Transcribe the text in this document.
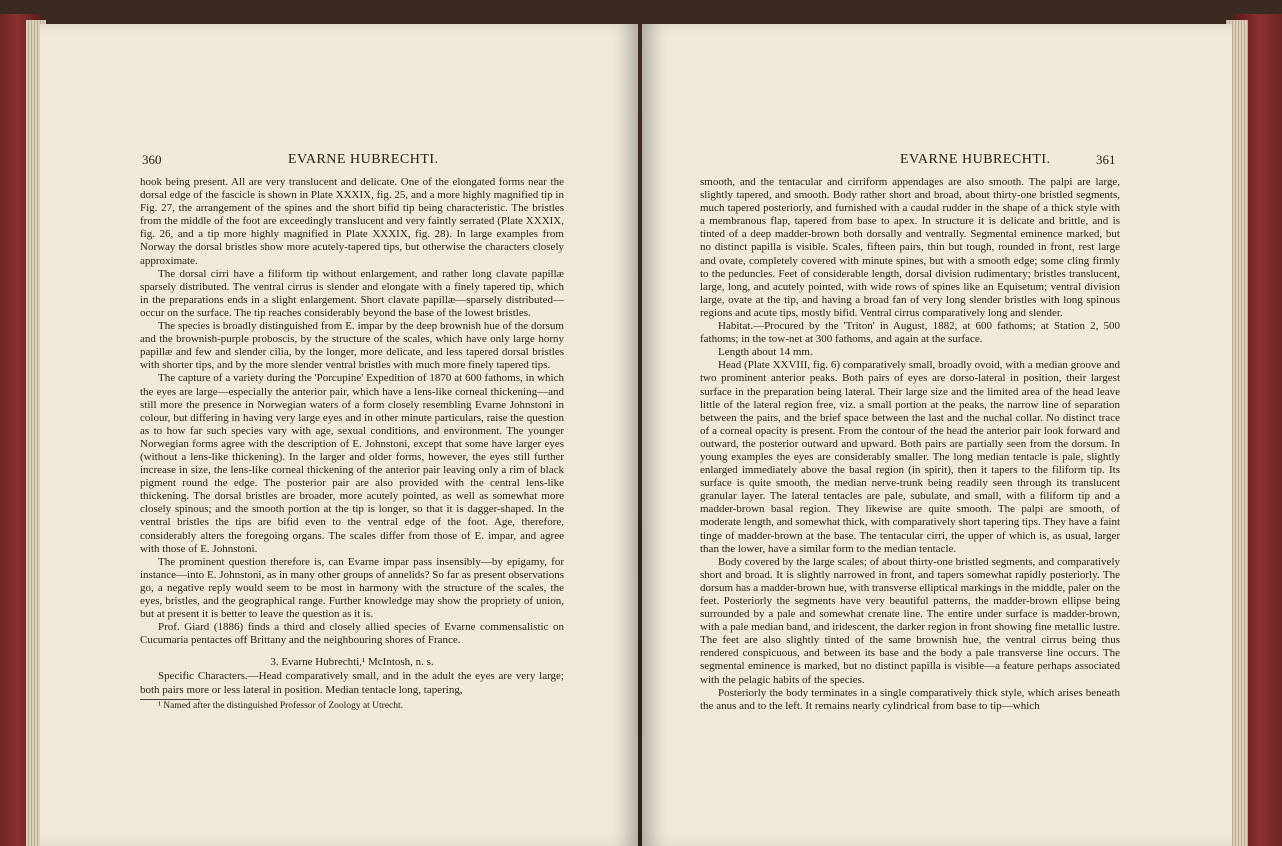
360	EVARNE HUBRECHTI.

hook being present. All are very translucent and delicate. One of the elongated forms near the dorsal edge of the fascicle is shown in Plate XXXIX, fig. 25, and a more highly magnified tip in Fig. 27, the arrangement of the spines and the short bifid tip being characteristic. The bristles from the middle of the foot are exceedingly translucent and very faintly serrated (Plate XXXIX, fig. 26, and a tip more highly magnified in Plate XXXIX, fig. 28). In large examples from Norway the dorsal bristles show more acutely-tapered tips, but otherwise the characters closely approximate.

The dorsal cirri have a filiform tip without enlargement, and rather long clavate papillæ sparsely distributed. The ventral cirrus is slender and elongate with a finely tapered tip, which in the preparations ends in a slight enlargement. Short clavate papillæ—sparsely distributed—occur on the surface. The tip reaches considerably beyond the base of the lowest bristles.

The species is broadly distinguished from E. impar by the deep brownish hue of the dorsum and the brownish-purple proboscis, by the structure of the scales, which have only large horny papillæ and few and slender cilia, by the longer, more delicate, and less tapered dorsal bristles with shorter tips, and by the more slender ventral bristles with much more finely tapered tips.

The capture of a variety during the 'Porcupine' Expedition of 1870 at 600 fathoms, in which the eyes are large—especially the anterior pair, which have a lens-like corneal thickening—and still more the presence in Norwegian waters of a form closely resembling Evarne Johnstoni in colour, but differing in having very large eyes and in other minute particulars, raise the question as to how far such species vary with age, sexual conditions, and environment. The younger Norwegian forms agree with the description of E. Johnstoni, except that some have larger eyes (without a lens-like thickening). In the larger and older forms, however, the eyes still further increase in size, the lens-like corneal thickening of the anterior pair leaving only a rim of black pigment round the edge. The posterior pair are also provided with the central lens-like thickening. The dorsal bristles are broader, more acutely pointed, as well as somewhat more closely spinous; and the smooth portion at the tip is longer, so that it is dagger-shaped. In the ventral bristles the tips are bifid even to the ventral edge of the foot. Age, therefore, considerably alters the foregoing organs. The scales differ from those of E. impar, and agree with those of E. Johnstoni.

The prominent question therefore is, can Evarne impar pass insensibly—by epigamy, for instance—into E. Johnstoni, as in many other groups of annelids? So far as present observations go, a negative reply would seem to be most in harmony with the structure of the scales, the eyes, bristles, and the geographical range. Further knowledge may show the propriety of union, but at present it is better to leave the question as it is.

Prof. Giard (1886) finds a third and closely allied species of Evarne commensalistic on Cucumaria pentactes off Brittany and the neighbouring shores of France.

3. Evarne Hubrechti,¹ McIntosh, n. s.

Specific Characters.—Head comparatively small, and in the adult the eyes are very large; both pairs more or less lateral in position. Median tentacle long, tapering,

¹ Named after the distinguished Professor of Zoology at Utrecht.

EVARNE HUBRECHTI.	361

smooth, and the tentacular and cirriform appendages are also smooth. The palpi are large, slightly tapered, and smooth. Body rather short and broad, about thirty-one bristled segments, much tapered posteriorly, and furnished with a caudal rudder in the shape of a thick style with a membranous flap, tapered from base to apex. In structure it is delicate and brittle, and is tinted of a deep madder-brown both dorsally and ventrally. Segmental eminence marked, but no distinct papilla is visible. Scales, fifteen pairs, thin but tough, rounded in front, rest large and ovate, completely covered with minute spines, but with a smooth edge; some cling firmly to the peduncles. Feet of considerable length, dorsal division rudimentary; bristles translucent, large, long, and acutely pointed, with wide rows of spines like an Equisetum; ventral division large, ovate at the tip, and having a broad fan of very long slender bristles with long spinous regions and acute tips, mostly bifid. Ventral cirrus comparatively long and slender.

Habitat.—Procured by the 'Triton' in August, 1882, at 600 fathoms; at Station 2, 500 fathoms; in the tow-net at 300 fathoms, and again at the surface.

Length about 14 mm.

Head (Plate XXVIII, fig. 6) comparatively small, broadly ovoid, with a median groove and two prominent anterior peaks. Both pairs of eyes are dorso-lateral in position, their largest surface in the preparation being lateral. Their large size and the limited area of the head leave little of the lateral region free, viz. a small portion at the peaks, the narrow line of separation between the pairs, and the brief space between the last and the nuchal collar. No distinct trace of a corneal opacity is present. From the contour of the head the anterior pair look forward and outward, the posterior outward and upward. Both pairs are partially seen from the dorsum. In young examples the eyes are considerably smaller. The long median tentacle is pale, slightly enlarged immediately above the basal region (in spirit), then it tapers to the filiform tip. Its surface is quite smooth, the median nerve-trunk being readily seen through its translucent granular layer. The lateral tentacles are pale, subulate, and small, with a filiform tip and a madder-brown basal region. They likewise are quite smooth. The palpi are smooth, of moderate length, and somewhat thick, with comparatively short tapering tips. They have a faint tinge of madder-brown at the base. The tentacular cirri, the upper of which is, as usual, larger than the lower, have a similar form to the median tentacle.

Body covered by the large scales; of about thirty-one bristled segments, and comparatively short and broad. It is slightly narrowed in front, and tapers somewhat rapidly posteriorly. The dorsum has a madder-brown hue, with transverse elliptical markings in the middle, paler on the feet. Posteriorly the segments have very beautiful patterns, the madder-brown ellipse being surrounded by a pale and somewhat crenate line. The entire under surface is madder-brown, with a pale median band, and iridescent, the darker region in front showing fine metallic lustre. The feet are also slightly tinted of the same brownish hue, the ventral cirrus being thus rendered conspicuous, and between its base and the body a pale transverse line occurs. The segmental eminence is marked, but no distinct papilla is visible—a feature perhaps associated with the pelagic habits of the species.

Posteriorly the body terminates in a single comparatively thick style, which arises beneath the anus and to the left. It remains nearly cylindrical from base to tip—which
